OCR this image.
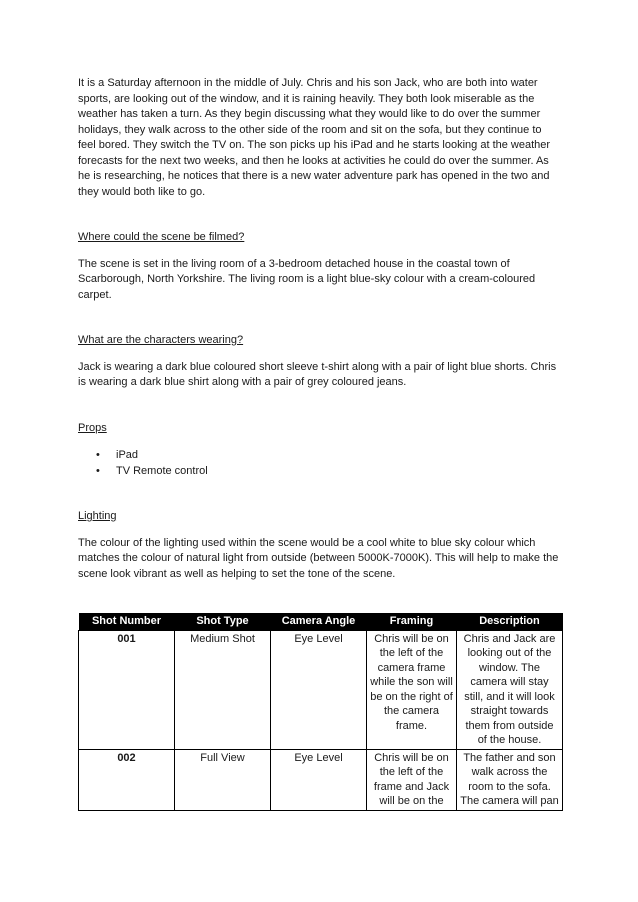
It is a Saturday afternoon in the middle of July. Chris and his son Jack, who are both into water sports, are looking out of the window, and it is raining heavily. They both look miserable as the weather has taken a turn. As they begin discussing what they would like to do over the summer holidays, they walk across to the other side of the room and sit on the sofa, but they continue to feel bored. They switch the TV on. The son picks up his iPad and he starts looking at the weather forecasts for the next two weeks, and then he looks at activities he could do over the summer. As he is researching, he notices that there is a new water adventure park has opened in the two and they would both like to go.

Where could the scene be filmed?

The scene is set in the living room of a 3-bedroom detached house in the coastal town of Scarborough, North Yorkshire. The living room is a light blue-sky colour with a cream-coloured carpet.

What are the characters wearing?

Jack is wearing a dark blue coloured short sleeve t-shirt along with a pair of light blue shorts. Chris is wearing a dark blue shirt along with a pair of grey coloured jeans.

Props

• iPad
• TV Remote control

Lighting

The colour of the lighting used within the scene would be a cool white to blue sky colour which matches the colour of natural light from outside (between 5000K-7000K). This will help to make the scene look vibrant as well as helping to set the tone of the scene.

Shot Number	Shot Type	Camera Angle	Framing	Description
001	Medium Shot	Eye Level	Chris will be on the left of the camera frame while the son will be on the right of the camera frame.	Chris and Jack are looking out of the window. The camera will stay still, and it will look straight towards them from outside of the house.

002	Full View	Eye Level	Chris will be on the left of the frame and Jack will be on the	The father and son walk across the room to the sofa. The camera will pan
